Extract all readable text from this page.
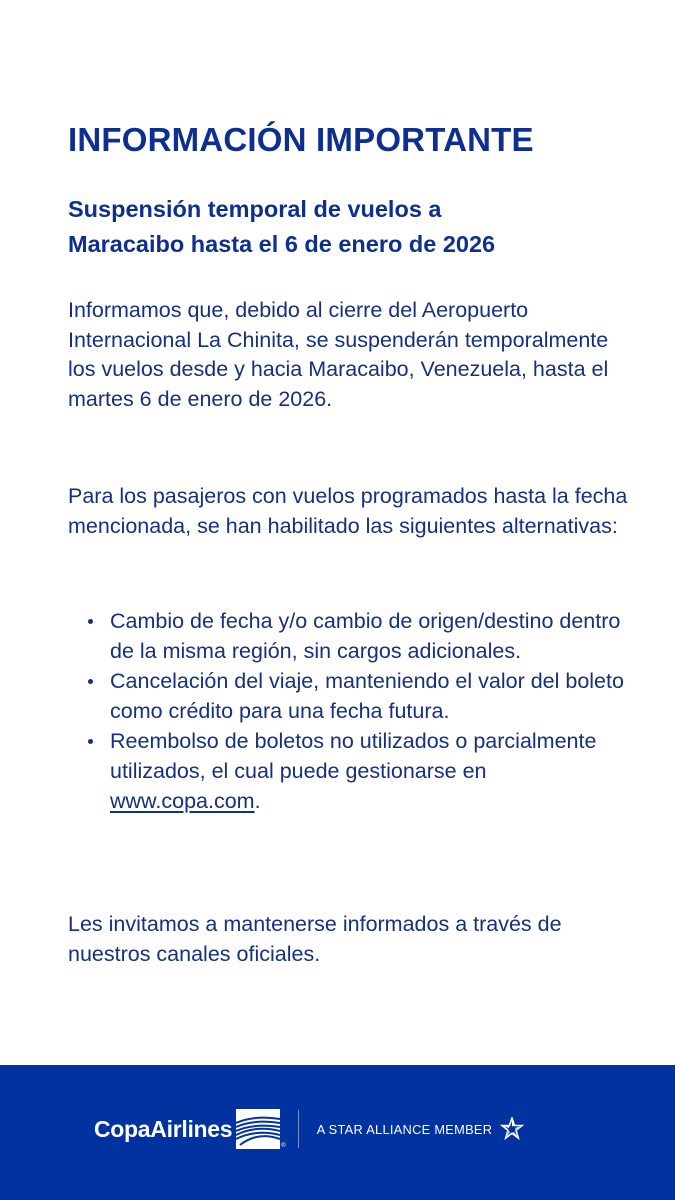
INFORMACIÓN IMPORTANTE
Suspensión temporal de vuelos a
Maracaibo hasta el 6 de enero de 2026

Informamos que, debido al cierre del Aeropuerto Internacional La Chinita, se suspenderán temporalmente los vuelos desde y hacia Maracaibo, Venezuela, hasta el martes 6 de enero de 2026.

Para los pasajeros con vuelos programados hasta la fecha mencionada, se han habilitado las siguientes alternativas:

Cambio de fecha y/o cambio de origen/destino dentro de la misma región, sin cargos adicionales.
Cancelación del viaje, manteniendo el valor del boleto como crédito para una fecha futura.
Reembolso de boletos no utilizados o parcialmente utilizados, el cual puede gestionarse en www.copa.com.

Les invitamos a mantenerse informados a través de nuestros canales oficiales.

CopaAirlines
®
A STAR ALLIANCE MEMBER
